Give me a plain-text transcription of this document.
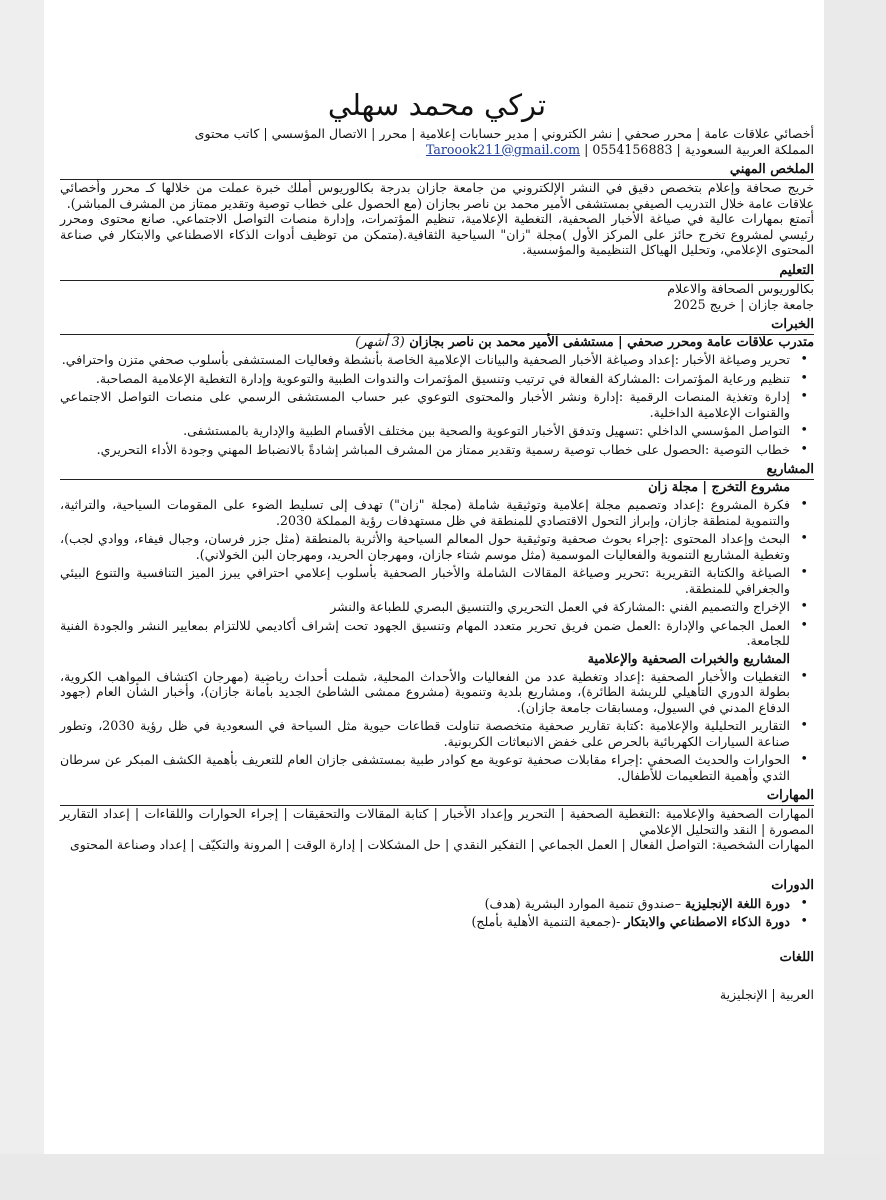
تركي محمد سهلي
أخصائي علاقات عامة | محرر صحفي | نشر الكتروني | مدير حسابات إعلامية | محرر | الاتصال المؤسسي | كاتب محتوى
المملكة العربية السعودية | 0554156883 | Taroook211@gmail.com
الملخص المهني
خريج صحافة وإعلام بتخصص دقيق في النشر الإلكتروني من جامعة جازان بدرجة بكالوريوس أملك خبرة عملت من خلالها كـ محرر وأخصائي علاقات عامة خلال التدريب الصيفي بمستشفى الأمير محمد بن ناصر بجازان (مع الحصول على خطاب توصية وتقدير ممتاز من المشرف المباشر).
أتمتع بمهارات عالية في صياغة الأخبار الصحفية، التغطية الإعلامية، تنظيم المؤتمرات، وإدارة منصات التواصل الاجتماعي. صانع محتوى ومحرر رئيسي لمشروع تخرج حائز على المركز الأول )مجلة "زان" السياحية الثقافية.(متمكن من توظيف أدوات الذكاء الاصطناعي والابتكار في صناعة المحتوى الإعلامي، وتحليل الهياكل التنظيمية والمؤسسية.
التعليم
بكالوريوس الصحافة والاعلام
جامعة جازان | خريج 2025
الخبرات
متدرب علاقات عامة ومحرر صحفي | مستشفى الأمير محمد بن ناصر بجازان (3 أشهر)
• تحرير وصياغة الأخبار :إعداد وصياغة الأخبار الصحفية والبيانات الإعلامية الخاصة بأنشطة وفعاليات المستشفى بأسلوب صحفي متزن واحترافي.
• تنظيم ورعاية المؤتمرات :المشاركة الفعالة في ترتيب وتنسيق المؤتمرات والندوات الطبية والتوعوية وإدارة التغطية الإعلامية المصاحبة.
• إدارة وتغذية المنصات الرقمية :إدارة ونشر الأخبار والمحتوى التوعوي عبر حساب المستشفى الرسمي على منصات التواصل الاجتماعي والقنوات الإعلامية الداخلية.
• التواصل المؤسسي الداخلي :تسهيل وتدفق الأخبار التوعوية والصحية بين مختلف الأقسام الطبية والإدارية بالمستشفى.
• خطاب التوصية :الحصول على خطاب توصية رسمية وتقدير ممتاز من المشرف المباشر إشادةً بالانضباط المهني وجودة الأداء التحريري.
المشاريع
مشروع التخرج | مجلة زان
• فكرة المشروع :إعداد وتصميم مجلة إعلامية وتوثيقية شاملة (مجلة "زان") تهدف إلى تسليط الضوء على المقومات السياحية، والتراثية، والتنموية لمنطقة جازان، وإبراز التحول الاقتصادي للمنطقة في ظل مستهدفات رؤية المملكة 2030.
• البحث وإعداد المحتوى :إجراء بحوث صحفية وتوثيقية حول المعالم السياحية والأثرية بالمنطقة (مثل جزر فرسان، وجبال فيفاء، ووادي لجب)، وتغطية المشاريع التنموية والفعاليات الموسمية (مثل موسم شتاء جازان، ومهرجان الحريد، ومهرجان البن الخولاني).
• الصياغة والكتابة التقريرية :تحرير وصياغة المقالات الشاملة والأخبار الصحفية بأسلوب إعلامي احترافي يبرز الميز التنافسية والتنوع البيئي والجغرافي للمنطقة.
• الإخراج والتصميم الفني :المشاركة في العمل التحريري والتنسيق البصري للطباعة والنشر
• العمل الجماعي والإدارة :العمل ضمن فريق تحرير متعدد المهام وتنسيق الجهود تحت إشراف أكاديمي للالتزام بمعايير النشر والجودة الفنية للجامعة.
المشاريع والخبرات الصحفية والإعلامية
• التغطيات والأخبار الصحفية :إعداد وتغطية عدد من الفعاليات والأحداث المحلية، شملت أحداث رياضية (مهرجان اكتشاف المواهب الكروية، بطولة الدوري التأهيلي للريشة الطائرة)، ومشاريع بلدية وتنموية (مشروع ممشى الشاطئ الجديد بأمانة جازان)، وأخبار الشأن العام (جهود الدفاع المدني في السيول، ومسابقات جامعة جازان).
• التقارير التحليلية والإعلامية :كتابة تقارير صحفية متخصصة تناولت قطاعات حيوية مثل السياحة في السعودية في ظل رؤية 2030، وتطور صناعة السيارات الكهربائية بالحرص على خفض الانبعاثات الكربونية.
• الحوارات والحديث الصحفي :إجراء مقابلات صحفية توعوية مع كوادر طبية بمستشفى جازان العام للتعريف بأهمية الكشف المبكر عن سرطان الثدي وأهمية التطعيمات للأطفال.
المهارات
المهارات الصحفية والإعلامية :التغطية الصحفية | التحرير وإعداد الأخبار | كتابة المقالات والتحقيقات | إجراء الحوارات واللقاءات | إعداد التقارير المصورة | النقد والتحليل الإعلامي
المهارات الشخصية: التواصل الفعال | العمل الجماعي | التفكير النقدي | حل المشكلات | إدارة الوقت | المرونة والتكيّف | إعداد وصناعة المحتوى
الدورات
• دورة اللغة الإنجليزية –صندوق تنمية الموارد البشرية (هدف)
• دورة الذكاء الاصطناعي والابتكار -(جمعية التنمية الأهلية بأملج)
اللغات
العربية | الإنجليزية
